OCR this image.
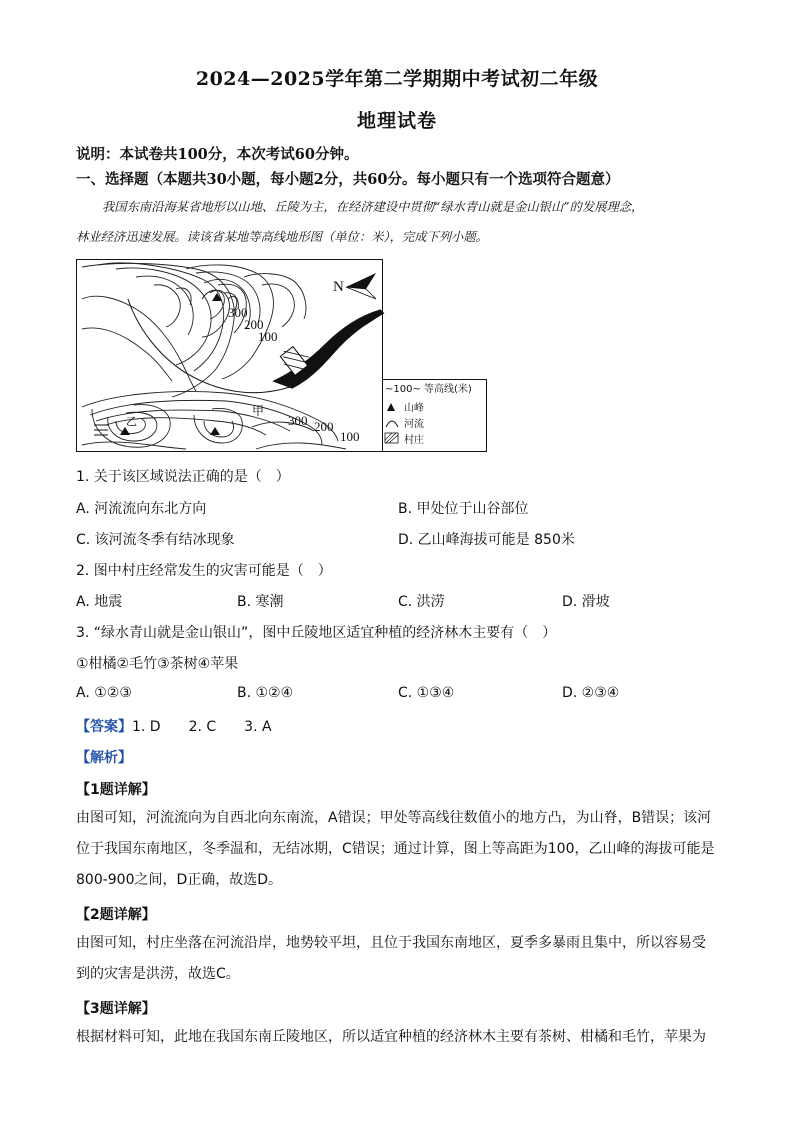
2024—2025学年第二学期期中考试初二年级
地理试卷
说明：本试卷共100分，本次考试60分钟。
一、选择题（本题共30小题，每小题2分，共60分。每小题只有一个选项符合题意）
我国东南沿海某省地形以山地、丘陵为主，在经济建设中贯彻“绿水青山就是金山银山”的发展理念，
林业经济迅速发展。读该省某地等高线地形图（单位：米），完成下列小题。
N
300
200
100
300 200
100
甲
乙
~100~ 等高线(米)
山峰
河流
村庄
1. 关于该区域说法正确的是（　）
A. 河流流向东北方向	B. 甲处位于山谷部位
C. 该河流冬季有结冰现象	D. 乙山峰海拔可能是 850米
2. 图中村庄经常发生的灾害可能是（　）
A. 地震	B. 寒潮	C. 洪涝	D. 滑坡
3. “绿水青山就是金山银山”，图中丘陵地区适宜种植的经济林木主要有（　）
①柑橘②毛竹③茶树④苹果
A. ①②③	B. ①②④	C. ①③④	D. ②③④
【答案】1. D　　2. C　　3. A
【解析】
【1题详解】
由图可知，河流流向为自西北向东南流，A错误；甲处等高线往数值小的地方凸，为山脊，B错误；该河
位于我国东南地区，冬季温和，无结冰期，C错误；通过计算，图上等高距为100，乙山峰的海拔可能是
800-900之间，D正确，故选D。
【2题详解】
由图可知，村庄坐落在河流沿岸，地势较平坦，且位于我国东南地区，夏季多暴雨且集中，所以容易受
到的灾害是洪涝，故选C。
【3题详解】
根据材料可知，此地在我国东南丘陵地区，所以适宜种植的经济林木主要有茶树、柑橘和毛竹，苹果为
